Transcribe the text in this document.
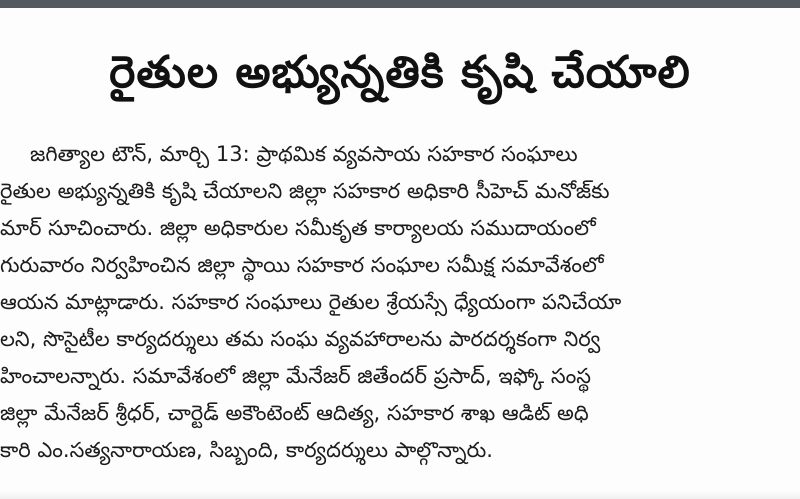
రైతుల అభ్యున్నతికి కృషి చేయాలి
జగిత్యాల టౌన్, మార్చి 13: ప్రాథమిక వ్యవసాయ సహకార సంఘాలు
రైతుల అభ్యున్నతికి కృషి చేయాలని జిల్లా సహకార అధికారి సీహెచ్ మనోజ్‌కు
మార్ సూచించారు. జిల్లా అధికారుల సమీకృత కార్యాలయ సముదాయంలో
గురువారం నిర్వహించిన జిల్లా స్థాయి సహకార సంఘాల సమీక్ష సమావేశంలో
ఆయన మాట్లాడారు. సహకార సంఘాలు రైతుల శ్రేయస్సే ధ్యేయంగా పనిచేయా
లని, సొసైటీల కార్యదర్శులు తమ సంఘ వ్యవహారాలను పారదర్శకంగా నిర్వ
హించాలన్నారు. సమావేశంలో జిల్లా మేనేజర్ జితేందర్ ప్రసాద్, ఇఫ్కో సంస్థ
జిల్లా మేనేజర్ శ్రీధర్, చార్టెడ్ అకౌంటెంట్ ఆదిత్య, సహకార శాఖ ఆడిట్ అధి
కారి ఎం.సత్యనారాయణ, సిబ్బంది, కార్యదర్శులు పాల్గొన్నారు.
